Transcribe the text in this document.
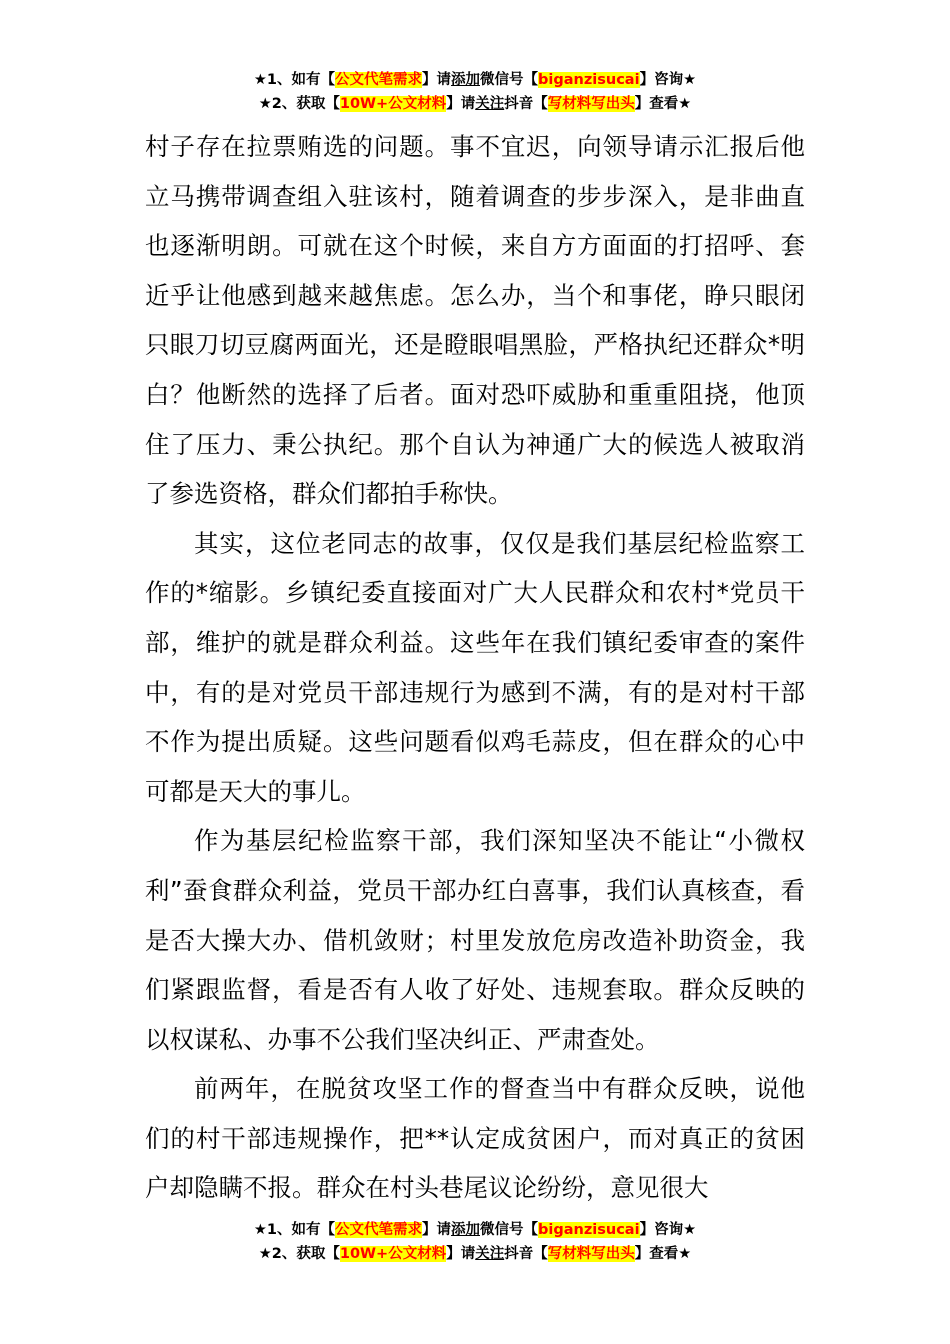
★1、如有【公文代笔需求】请添加微信号【biganzisucai】咨询★
★2、获取【10W+公文材料】请关注抖音【写材料写出头】查看★

村子存在拉票贿选的问题。事不宜迟，向领导请示汇报后他立马携带调查组入驻该村，随着调查的步步深入，是非曲直也逐渐明朗。可就在这个时候，来自方方面面的打招呼、套近乎让他感到越来越焦虑。怎么办，当个和事佬，睁只眼闭只眼刀切豆腐两面光，还是瞪眼唱黑脸，严格执纪还群众*明白？他断然的选择了后者。面对恐吓威胁和重重阻挠，他顶住了压力、秉公执纪。那个自认为神通广大的候选人被取消了参选资格，群众们都拍手称快。

其实，这位老同志的故事，仅仅是我们基层纪检监察工作的*缩影。乡镇纪委直接面对广大人民群众和农村*党员干部，维护的就是群众利益。这些年在我们镇纪委审查的案件中，有的是对党员干部违规行为感到不满，有的是对村干部不作为提出质疑。这些问题看似鸡毛蒜皮，但在群众的心中可都是天大的事儿。

作为基层纪检监察干部，我们深知坚决不能让“小微权利”蚕食群众利益，党员干部办红白喜事，我们认真核查，看是否大操大办、借机敛财；村里发放危房改造补助资金，我们紧跟监督，看是否有人收了好处、违规套取。群众反映的以权谋私、办事不公我们坚决纠正、严肃查处。

前两年，在脱贫攻坚工作的督查当中有群众反映，说他们的村干部违规操作，把**认定成贫困户，而对真正的贫困户却隐瞒不报。群众在村头巷尾议论纷纷，意见很大

★1、如有【公文代笔需求】请添加微信号【biganzisucai】咨询★
★2、获取【10W+公文材料】请关注抖音【写材料写出头】查看★
